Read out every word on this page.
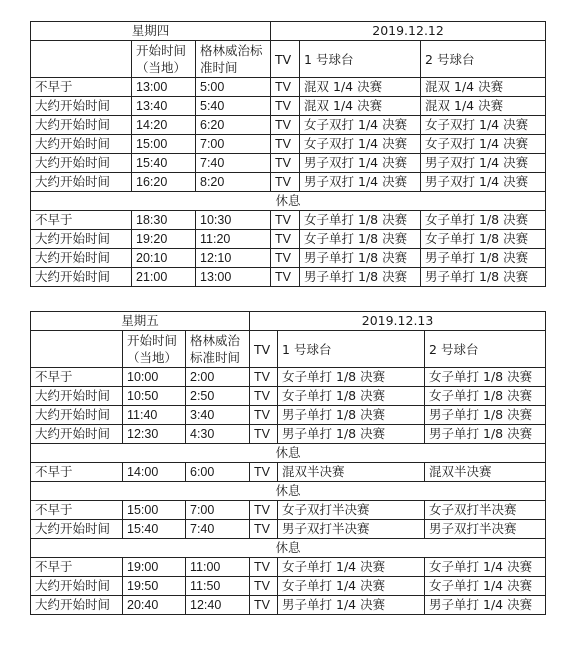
星期四			2019.12.12		
	开始时间（当地）	格林威治标准时间	TV	1 号球台	2 号球台
不早于	13:00	5:00	TV	混双 1/4 决赛	混双 1/4 决赛
大约开始时间	13:40	5:40	TV	混双 1/4 决赛	混双 1/4 决赛
大约开始时间	14:20	6:20	TV	女子双打 1/4 决赛	女子双打 1/4 决赛
大约开始时间	15:00	7:00	TV	女子双打 1/4 决赛	女子双打 1/4 决赛
大约开始时间	15:40	7:40	TV	男子双打 1/4 决赛	男子双打 1/4 决赛
大约开始时间	16:20	8:20	TV	男子双打 1/4 决赛	男子双打 1/4 决赛
休息					
不早于	18:30	10:30	TV	女子单打 1/8 决赛	女子单打 1/8 决赛
大约开始时间	19:20	11:20	TV	女子单打 1/8 决赛	女子单打 1/8 决赛
大约开始时间	20:10	12:10	TV	男子单打 1/8 决赛	男子单打 1/8 决赛
大约开始时间	21:00	13:00	TV	男子单打 1/8 决赛	男子单打 1/8 决赛
星期五			2019.12.13		
	开始时间（当地）	格林威治标准时间	TV	1 号球台	2 号球台
不早于	10:00	2:00	TV	女子单打 1/8 决赛	女子单打 1/8 决赛
大约开始时间	10:50	2:50	TV	女子单打 1/8 决赛	女子单打 1/8 决赛
大约开始时间	11:40	3:40	TV	男子单打 1/8 决赛	男子单打 1/8 决赛
大约开始时间	12:30	4:30	TV	男子单打 1/8 决赛	男子单打 1/8 决赛
休息					
不早于	14:00	6:00	TV	混双半决赛	混双半决赛
休息					
不早于	15:00	7:00	TV	女子双打半决赛	女子双打半决赛
大约开始时间	15:40	7:40	TV	男子双打半决赛	男子双打半决赛
休息					
不早于	19:00	11:00	TV	女子单打 1/4 决赛	女子单打 1/4 决赛
大约开始时间	19:50	11:50	TV	女子单打 1/4 决赛	女子单打 1/4 决赛
大约开始时间	20:40	12:40	TV	男子单打 1/4 决赛	男子单打 1/4 决赛
